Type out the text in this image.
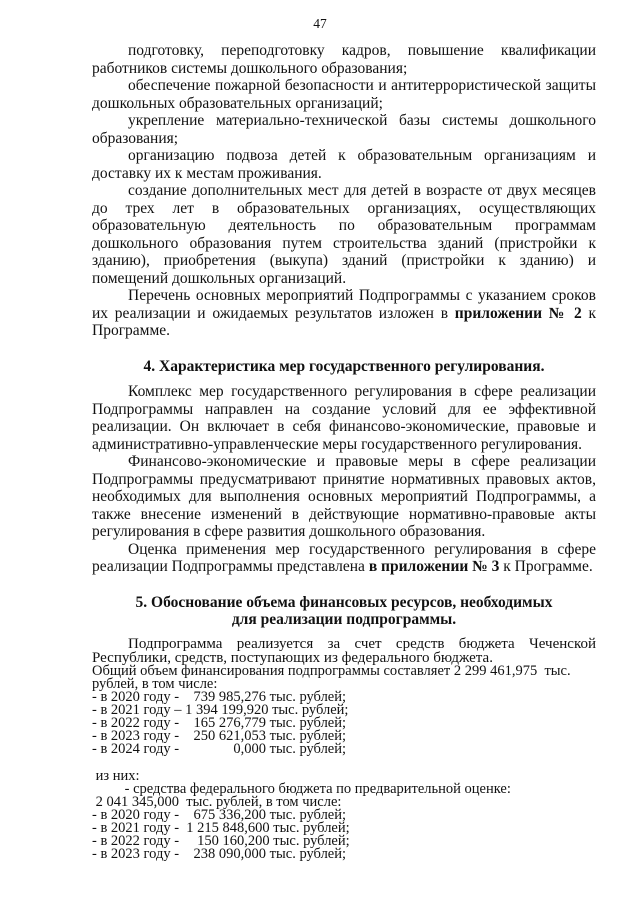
47

подготовку, переподготовку кадров, повышение квалификации работников системы дошкольного образования;

обеспечение пожарной безопасности и антитеррористической защиты дошкольных образовательных организаций;

укрепление материально-технической базы системы дошкольного образования;

организацию подвоза детей к образовательным организациям и доставку их к местам проживания.

создание дополнительных мест для детей в возрасте от двух месяцев до трех лет в образовательных организациях, осуществляющих образовательную деятельность по образовательным программам дошкольного образования путем строительства зданий (пристройки к зданию), приобретения (выкупа) зданий (пристройки к зданию) и помещений дошкольных организаций.

Перечень основных мероприятий Подпрограммы с указанием сроков их реализации и ожидаемых результатов изложен в приложении № 2 к Программе.

4. Характеристика мер государственного регулирования.

Комплекс мер государственного регулирования в сфере реализации Подпрограммы направлен на создание условий для ее эффективной реализации. Он включает в себя финансово-экономические, правовые и административно-управленческие меры государственного регулирования.

Финансово-экономические и правовые меры в сфере реализации Подпрограммы предусматривают принятие нормативных правовых актов, необходимых для выполнения основных мероприятий Подпрограммы, а также внесение изменений в действующие нормативно-правовые акты регулирования в сфере развития дошкольного образования.

Оценка применения мер государственного регулирования в сфере реализации Подпрограммы представлена в приложении № 3 к Программе.

5. Обоснование объема финансовых ресурсов, необходимых

для реализации подпрограммы.

Подпрограмма реализуется за счет средств бюджета Чеченской Республики, средств, поступающих из федерального бюджета.

Общий объем финансирования подпрограммы составляет 2 299 461,975  тыс.

рублей, в том числе:

- в 2020 году -    739 985,276 тыс. рублей;

- в 2021 году – 1 394 199,920 тыс. рублей;

- в 2022 году -    165 276,779 тыс. рублей;

- в 2023 году -    250 621,053 тыс. рублей;

- в 2024 году -               0,000 тыс. рублей;

из них:

- средства федерального бюджета по предварительной оценке:

2 041 345,000  тыс. рублей, в том числе:

- в 2020 году -    675 336,200 тыс. рублей;

- в 2021 году -  1 215 848,600 тыс. рублей;

- в 2022 году -     150 160,200 тыс. рублей;

- в 2023 году -    238 090,000 тыс. рублей;
